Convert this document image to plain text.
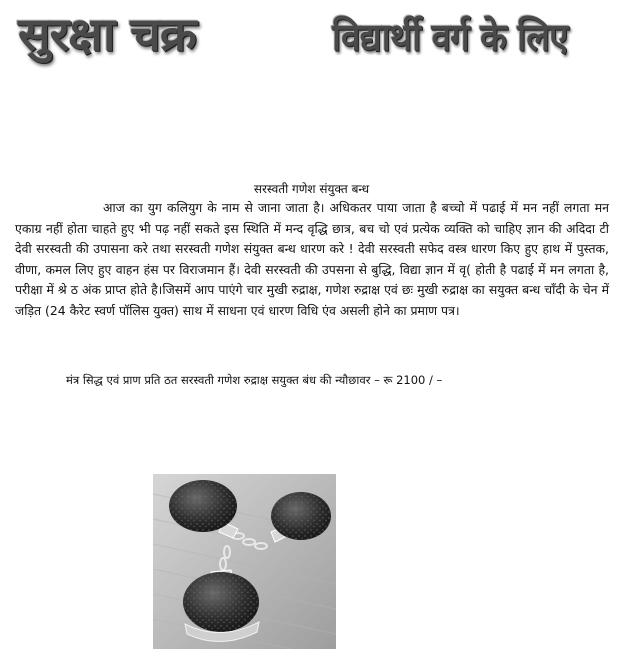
सुरक्षा चक्र	विद्यार्थी वर्ग के लिए
सरस्वती गणेश संयुक्त बन्ध

आज का युग कलियुग के नाम से जाना जाता है। अधिकतर पाया जाता है बच्चो में पढाई में मन नहीं लगता मन एकाग्र नहीं होता चाहते हुए भी पढ़ नहीं सकते इस स्थिति में मन्द वृद्धि छात्र, बच चो एवं प्रत्येक व्यक्ति को चाहिए ज्ञान की अदिदा टी देवी सरस्वती की उपासना करे तथा सरस्वती गणेश संयुक्त बन्ध धारण करे ! देवी सरस्वती सफेद वस्त्र धारण किए हुए हाथ में पुस्तक, वीणा, कमल लिए हुए वाहन हंस पर विराजमान हैं। देवी सरस्वती की उपसना से बुद्धि, विद्या ज्ञान में वृ( होती है पढाई में मन लगता है, परीक्षा में श्रे ठ अंक प्राप्त होते है।जिसमें आप पाएंगे चार मुखी रुद्राक्ष, गणेश रुद्राक्ष एवं छः मुखी रुद्राक्ष का सयुक्त बन्ध चाँदी के चेन में जड़ित (24 कैरेट स्वर्ण पॉलिस युक्त) साथ में साधना एवं धारण विधि एंव असली होने का प्रमाण पत्र।

मंत्र सिद्ध एवं प्राण प्रति ठत सरस्वती गणेश रुद्राक्ष सयुक्त बंध की न्यौछावर – रू 2100 / –
